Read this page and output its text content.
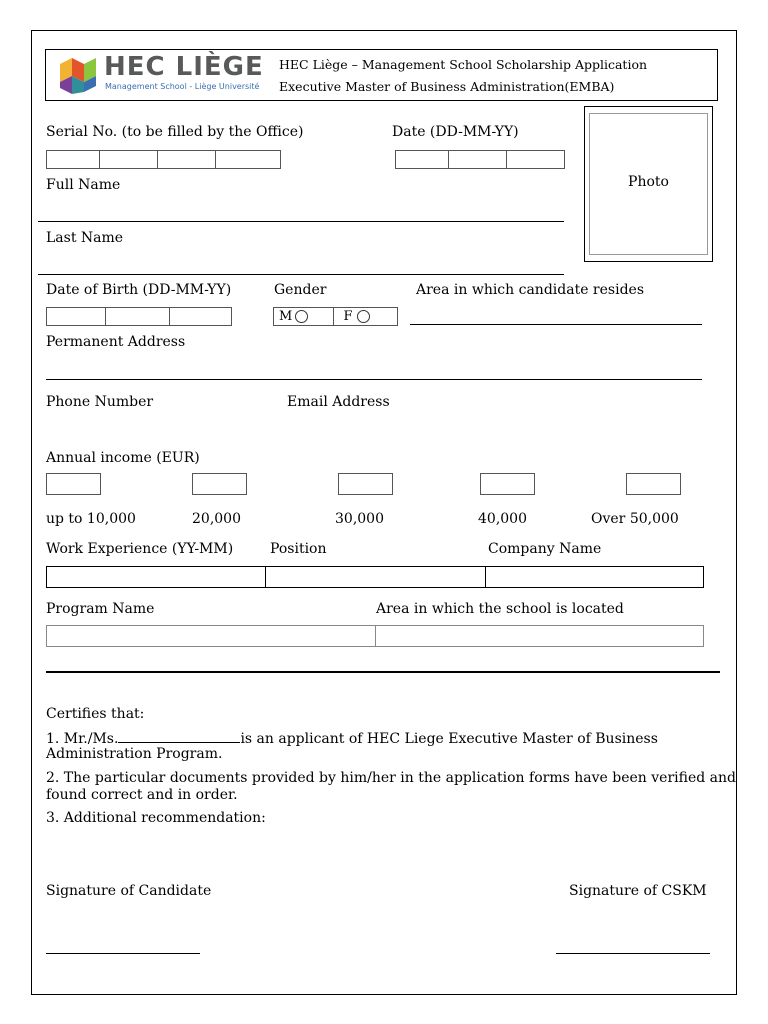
HEC LIÈGE
Management School - Liège Université
HEC Liège – Management School Scholarship Application
Executive Master of Business Administration(EMBA)
Serial No. (to be filled by the Office)	Date (DD-MM-YY)
Photo
Full Name
Last Name
Date of Birth (DD-MM-YY)	Gender
M	F
Area in which candidate resides
Permanent Address
Phone Number	Email Address
Annual income (EUR)
up to 10,000	20,000	30,000	40,000	Over 50,000
Work Experience (YY-MM)	Position	Company Name
Program Name	Area in which the school is located
Certifies that:
1. Mr./Ms.	is an applicant of HEC Liege Executive Master of Business
Administration Program.
2. The particular documents provided by him/her in the application forms have been verified and
found correct and in order.
3. Additional recommendation:
Signature of Candidate	Signature of CSKM
